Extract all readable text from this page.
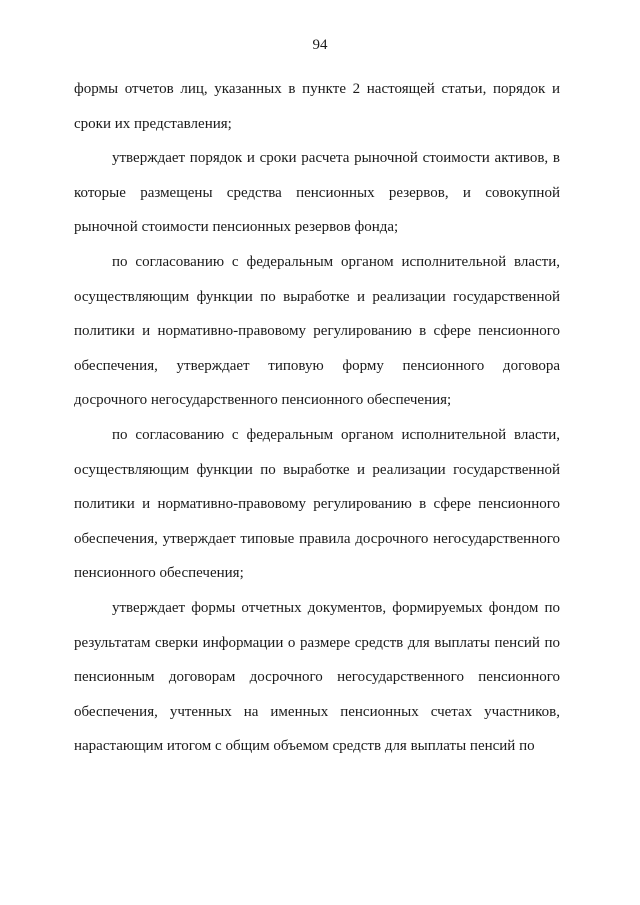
94

формы отчетов лиц, указанных в пункте 2 настоящей статьи, порядок и сроки их представления;

утверждает порядок и сроки расчета рыночной стоимости активов, в которые размещены средства пенсионных резервов, и совокупной рыночной стоимости пенсионных резервов фонда;

по согласованию с федеральным органом исполнительной власти, осуществляющим функции по выработке и реализации государственной политики и нормативно-правовому регулированию в сфере пенсионного обеспечения, утверждает типовую форму пенсионного договора досрочного негосударственного пенсионного обеспечения;

по согласованию с федеральным органом исполнительной власти, осуществляющим функции по выработке и реализации государственной политики и нормативно-правовому регулированию в сфере пенсионного обеспечения, утверждает типовые правила досрочного негосударственного пенсионного обеспечения;

утверждает формы отчетных документов, формируемых фондом по результатам сверки информации о размере средств для выплаты пенсий по пенсионным договорам досрочного негосударственного пенсионного обеспечения, учтенных на именных пенсионных счетах участников, нарастающим итогом с общим объемом средств для выплаты пенсий по
